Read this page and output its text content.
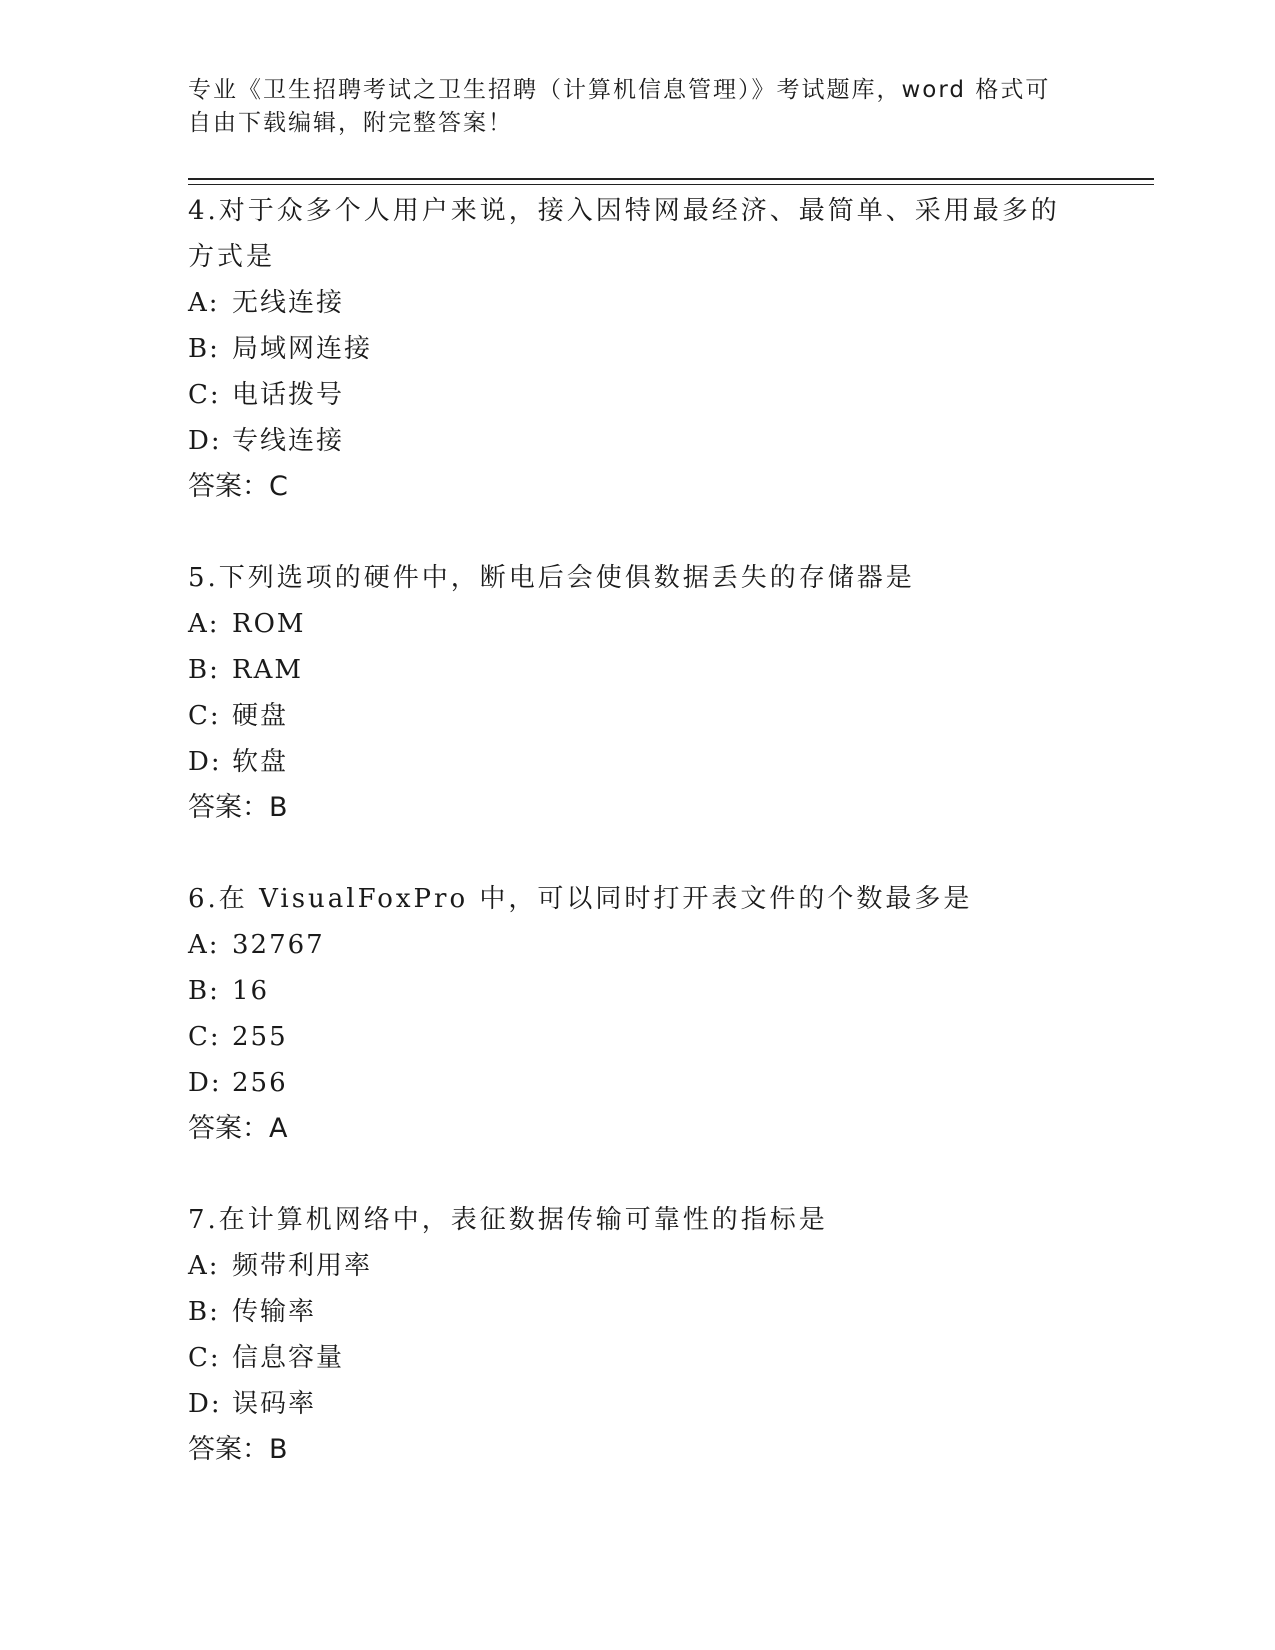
专业《卫生招聘考试之卫生招聘（计算机信息管理）》考试题库，word 格式可自由下载编辑，附完整答案！
4.对于众多个人用户来说，接入因特网最经济、最简单、采用最多的方式是
A: 无线连接
B: 局域网连接
C: 电话拨号
D: 专线连接
答案：C
5.下列选项的硬件中，断电后会使俱数据丢失的存储器是
A: ROM
B: RAM
C: 硬盘
D: 软盘
答案：B
6.在 VisualFoxPro 中，可以同时打开表文件的个数最多是
A: 32767
B: 16
C: 255
D: 256
答案：A
7.在计算机网络中，表征数据传输可靠性的指标是
A: 频带利用率
B: 传输率
C: 信息容量
D: 误码率
答案：B
